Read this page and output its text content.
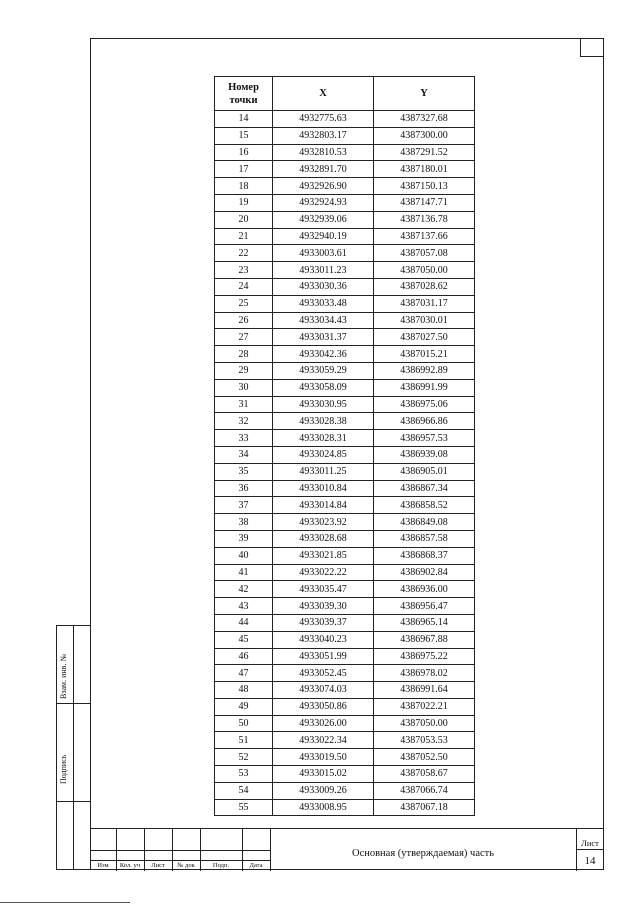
Взам. инв. №
Подпись
Номер точки	X	Y
14	4932775.63	4387327.68
15	4932803.17	4387300.00
16	4932810.53	4387291.52
17	4932891.70	4387180.01
18	4932926.90	4387150.13
19	4932924.93	4387147.71
20	4932939.06	4387136.78
21	4932940.19	4387137.66
22	4933003.61	4387057.08
23	4933011.23	4387050.00
24	4933030.36	4387028.62
25	4933033.48	4387031.17
26	4933034.43	4387030.01
27	4933031.37	4387027.50
28	4933042.36	4387015.21
29	4933059.29	4386992.89
30	4933058.09	4386991.99
31	4933030.95	4386975.06
32	4933028.38	4386966.86
33	4933028.31	4386957.53
34	4933024.85	4386939.08
35	4933011.25	4386905.01
36	4933010.84	4386867.34
37	4933014.84	4386858.52
38	4933023.92	4386849.08
39	4933028.68	4386857.58
40	4933021.85	4386868.37
41	4933022.22	4386902.84
42	4933035.47	4386936.00
43	4933039.30	4386956.47
44	4933039.37	4386965.14
45	4933040.23	4386967.88
46	4933051.99	4386975.22
47	4933052.45	4386978.02
48	4933074.03	4386991.64
49	4933050.86	4387022.21
50	4933026.00	4387050.00
51	4933022.34	4387053.53
52	4933019.50	4387052.50
53	4933015.02	4387058.67
54	4933009.26	4387066.74
55	4933008.95	4387067.18
Изм	Кол. уч	Лист	№ док	Подп.	Дата
Основная (утверждаемая) часть
Лист
14
